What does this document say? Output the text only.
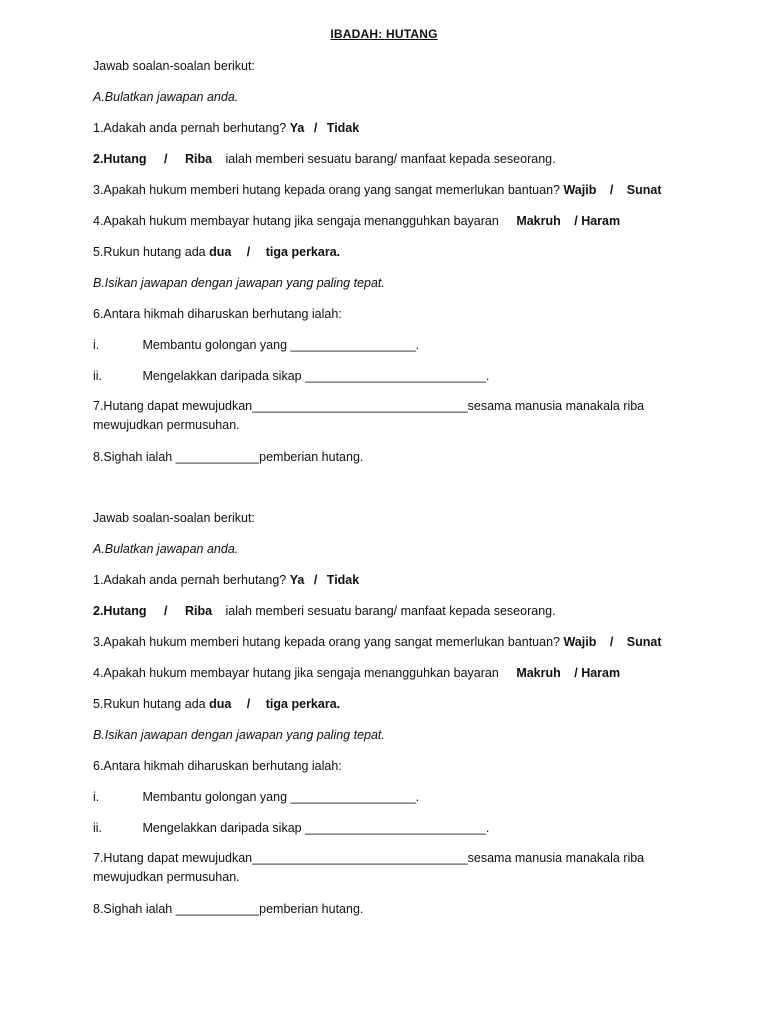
IBADAH: HUTANG
Jawab soalan-soalan berikut:
A.Bulatkan jawapan anda.
1.Adakah anda pernah berhutang? Ya / Tidak
2.Hutang / Riba ialah memberi sesuatu barang/ manfaat kepada seseorang.
3.Apakah hukum memberi hutang kepada orang yang sangat memerlukan bantuan? Wajib / Sunat
4.Apakah hukum membayar hutang jika sengaja menangguhkan bayaran Makruh / Haram
5.Rukun hutang ada dua / tiga perkara.
B.Isikan jawapan dengan jawapan yang paling tepat.
6.Antara hikmah diharuskan berhutang ialah:
i.	Membantu golongan yang __________________.
ii.	Mengelakkan daripada sikap __________________________.
7.Hutang dapat mewujudkan_______________________________sesama manusia manakala riba mewujudkan permusuhan.
8.Sighah ialah ____________pemberian hutang.
Jawab soalan-soalan berikut:
A.Bulatkan jawapan anda.
1.Adakah anda pernah berhutang? Ya / Tidak
2.Hutang / Riba ialah memberi sesuatu barang/ manfaat kepada seseorang.
3.Apakah hukum memberi hutang kepada orang yang sangat memerlukan bantuan? Wajib / Sunat
4.Apakah hukum membayar hutang jika sengaja menangguhkan bayaran Makruh / Haram
5.Rukun hutang ada dua / tiga perkara.
B.Isikan jawapan dengan jawapan yang paling tepat.
6.Antara hikmah diharuskan berhutang ialah:
i.	Membantu golongan yang __________________.
ii.	Mengelakkan daripada sikap __________________________.
7.Hutang dapat mewujudkan_______________________________sesama manusia manakala riba mewujudkan permusuhan.
8.Sighah ialah ____________pemberian hutang.
